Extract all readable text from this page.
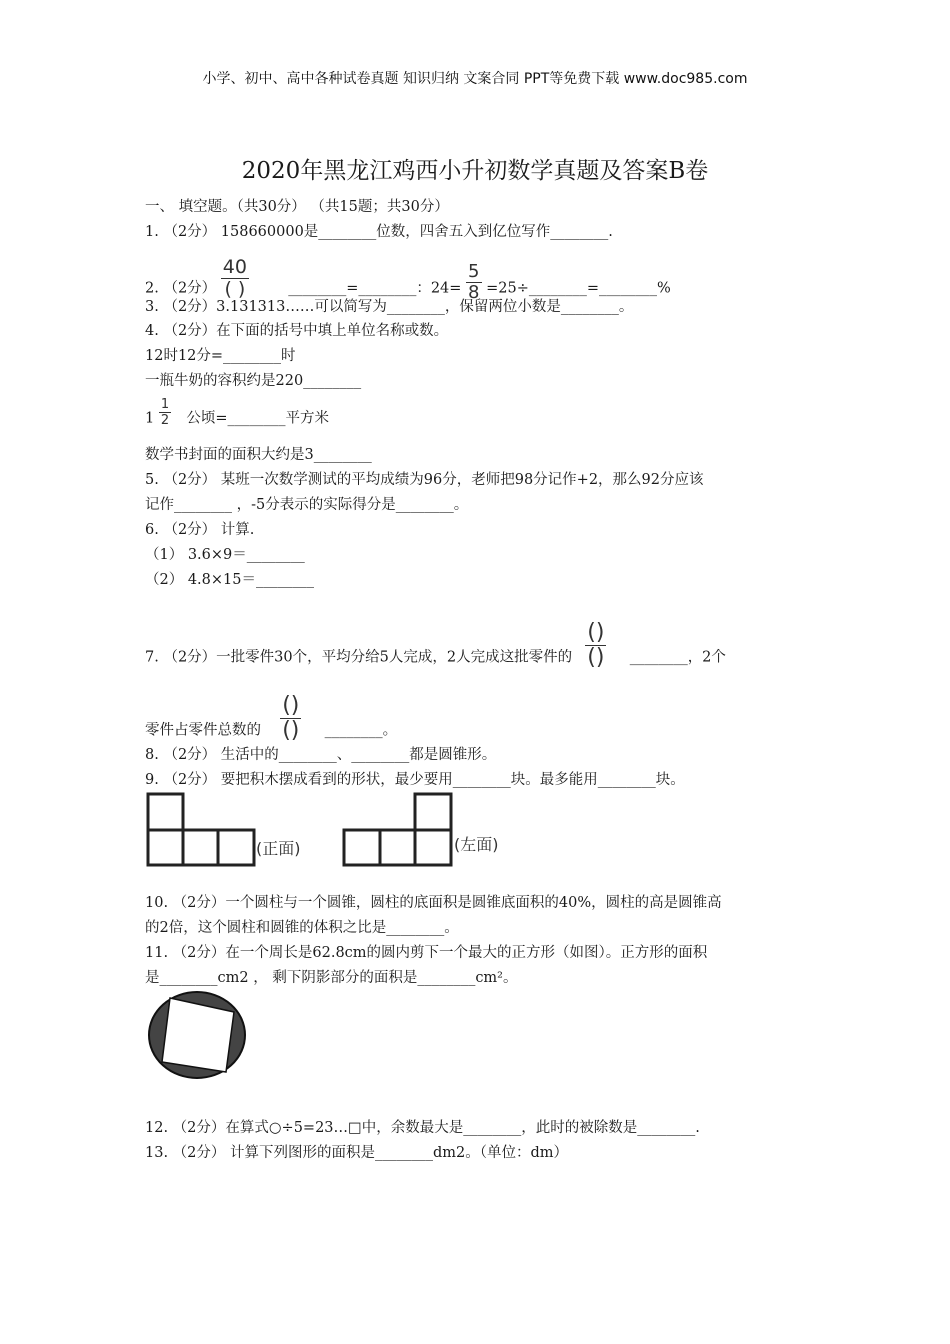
小学、初中、高中各种试卷真题 知识归纳 文案合同 PPT等免费下载 www.doc985.com
2020年黑龙江鸡西小升初数学真题及答案B卷
一、 填空题。（共30分） （共15题；共30分）
1. （2分） 158660000是________位数，四舍五入到亿位写作________.
2. （2分） $\frac{40}{( )}$	________=________：$24= \frac{5}{8}$ =25÷________=________%
3. （2分）3.131313……可以简写为________，保留两位小数是________。
4. （2分）在下面的括号中填上单位名称或数。
12时12分=________时
一瓶牛奶的容积约是220________
$1 \frac{1}{2}$ 公顷=________平方米
数学书封面的面积大约是3________
5. （2分） 某班一次数学测试的平均成绩为96分，老师把98分记作+2，那么92分应该
记作________ ，-5分表示的实际得分是________。
6. （2分） 计算.
（1） 3.6×9＝________
（2） 4.8×15＝________
7. （2分）一批零件30个，平均分给5人完成，2人完成这批零件的 $\frac{()}{()}$ ________，2个
零件占零件总数的 $\frac{()}{()}$ ________。
8. （2分） 生活中的________、________都是圆锥形。
9. （2分） 要把积木摆成看到的形状，最少要用________块。最多能用________块。
(正面)	(左面)
10. （2分）一个圆柱与一个圆锥，圆柱的底面积是圆锥底面积的40%，圆柱的高是圆锥高
的2倍，这个圆柱和圆锥的体积之比是________。
11. （2分）在一个周长是62.8cm的圆内剪下一个最大的正方形（如图）。正方形的面积
是________cm2 ， 剩下阴影部分的面积是________cm²。
12. （2分）在算式○÷5=23…□中，余数最大是________，此时的被除数是________.
13. （2分） 计算下列图形的面积是________dm2。（单位：dm）
